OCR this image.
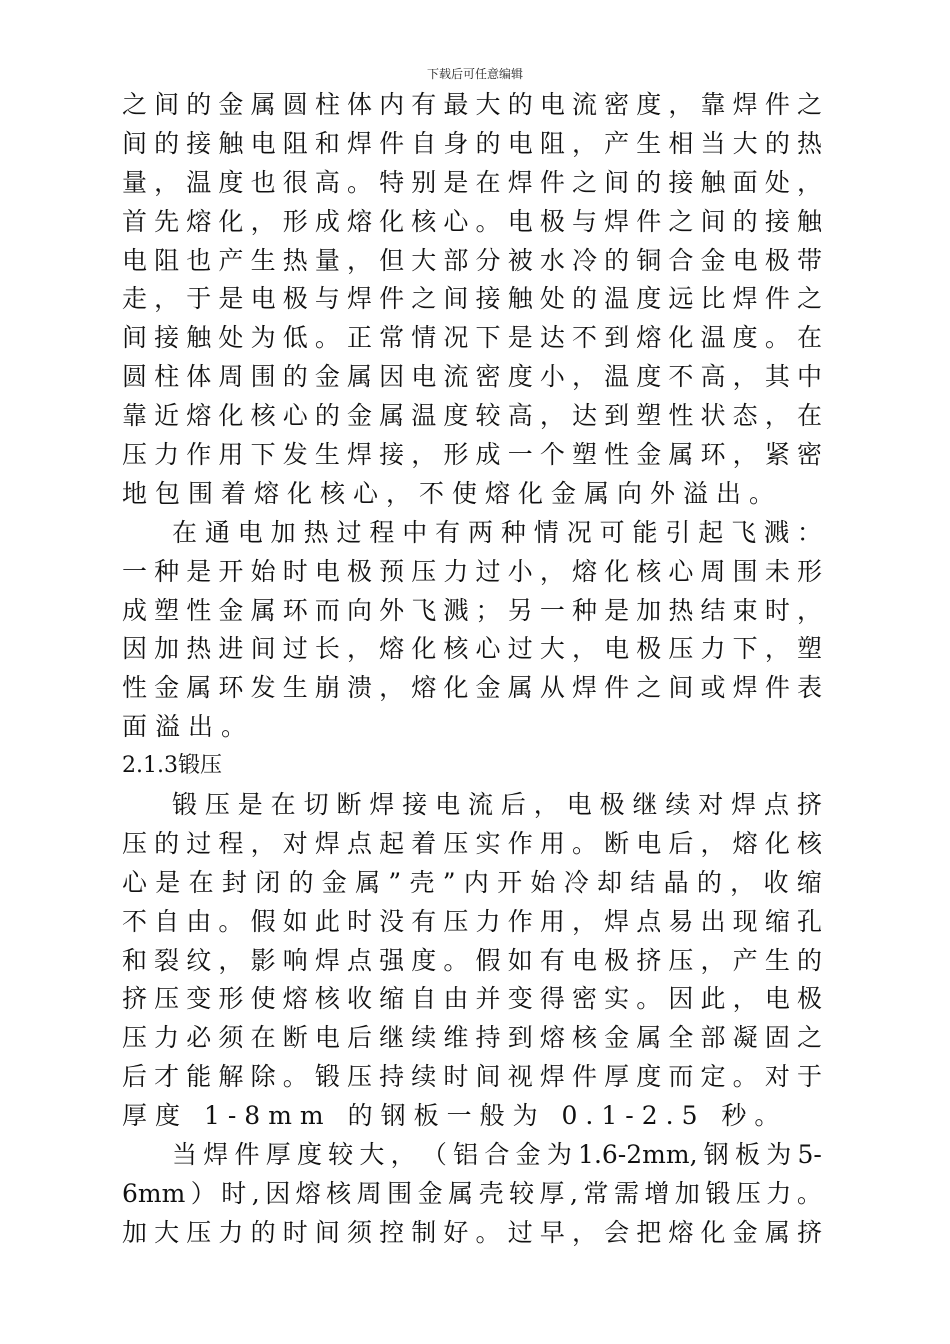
下载后可任意编辑
之 间 的 金 属 圆 柱 体 内 有 最 大 的 电 流 密 度 ， 靠 焊 件 之
间 的 接 触 电 阻 和 焊 件 自 身 的 电 阻 ， 产 生 相 当 大 的 热
量 ， 温 度 也 很 高 。 特 别 是 在 焊 件 之 间 的 接 触 面 处 ，
首 先 熔 化 ， 形 成 熔 化 核 心 。 电 极 与 焊 件 之 间 的 接 触
电 阻 也 产 生 热 量 ， 但 大 部 分 被 水 冷 的 铜 合 金 电 极 带
走 ， 于 是 电 极 与 焊 件 之 间 接 触 处 的 温 度 远 比 焊 件 之
间 接 触 处 为 低 。 正 常 情 况 下 是 达 不 到 熔 化 温 度 。 在
圆 柱 体 周 围 的 金 属 因 电 流 密 度 小 ， 温 度 不 高 ， 其 中
靠 近 熔 化 核 心 的 金 属 温 度 较 高 ， 达 到 塑 性 状 态 ， 在
压 力 作 用 下 发 生 焊 接 ， 形 成 一 个 塑 性 金 属 环 ， 紧 密
地包围着熔化核心，不使熔化金属向外溢出。
在 通 电 加 热 过 程 中 有 两 种 情 况 可 能 引 起 飞 溅 ：
一 种 是 开 始 时 电 极 预 压 力 过 小 ， 熔 化 核 心 周 围 未 形
成 塑 性 金 属 环 而 向 外 飞 溅 ； 另 一 种 是 加 热 结 束 时 ，
因 加 热 进 间 过 长 ， 熔 化 核 心 过 大 ， 电 极 压 力 下 ， 塑
性 金 属 环 发 生 崩 溃 ， 熔 化 金 属 从 焊 件 之 间 或 焊 件 表
面溢出。
2.1.3锻压
锻 压 是 在 切 断 焊 接 电 流 后 ， 电 极 继 续 对 焊 点 挤
压 的 过 程 ， 对 焊 点 起 着 压 实 作 用 。 断 电 后 ， 熔 化 核
心 是 在 封 闭 的 金 属 ” 壳 ” 内 开 始 冷 却 结 晶 的 ， 收 缩
不 自 由 。 假 如 此 时 没 有 压 力 作 用 ， 焊 点 易 出 现 缩 孔
和 裂 纹 ， 影 响 焊 点 强 度 。 假 如 有 电 极 挤 压 ， 产 生 的
挤 压 变 形 使 熔 核 收 缩 自 由 并 变 得 密 实 。 因 此 ， 电 极
压 力 必 须 在 断 电 后 继 续 维 持 到 熔 核 金 属 全 部 凝 固 之
后 才 能 解 除 。 锻 压 持 续 时 间 视 焊 件 厚 度 而 定 。 对 于
厚度 1-8mm 的钢板一般为 0.1-2.5 秒。
当 焊 件 厚 度 较 大 ， （ 铝 合 金 为 1.6-2mm, 钢 板 为 5-
6mm ） 时 , 因 熔 核 周 围 金 属 壳 较 厚 , 常 需 增 加 锻 压 力 。
加 大 压 力 的 时 间 须 控 制 好 。 过 早 ， 会 把 熔 化 金 属 挤
